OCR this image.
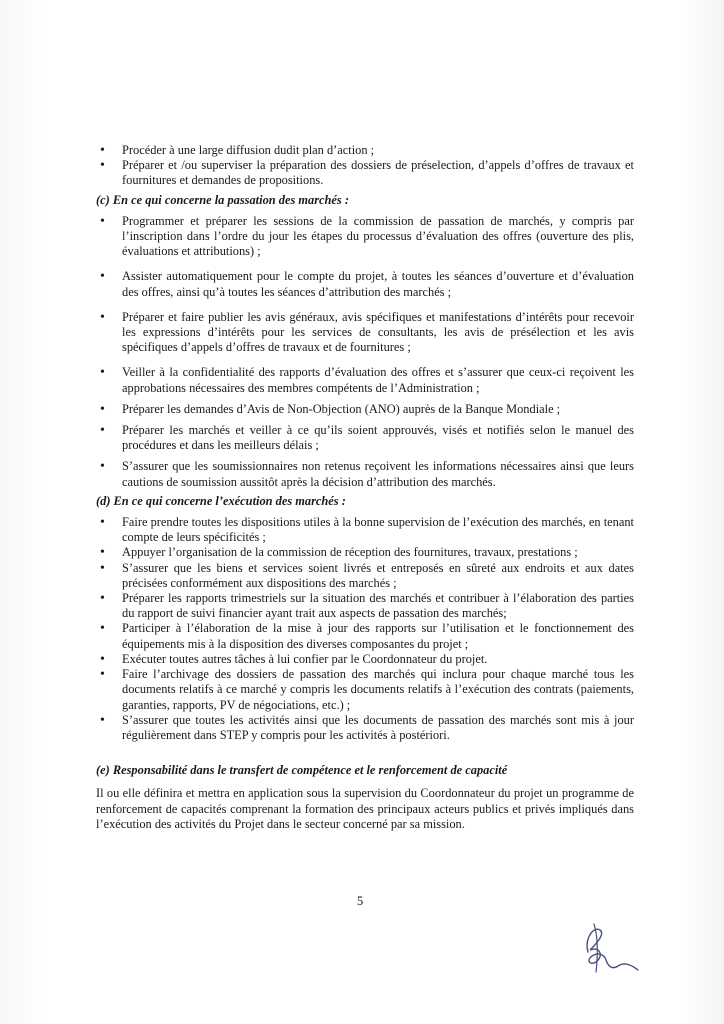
• Procéder à une large diffusion dudit plan d’action ;
• Préparer et /ou superviser la préparation des dossiers de préselection, d’appels d’offres de travaux et fournitures et demandes de propositions.
(c) En ce qui concerne la passation des marchés :
• Programmer et préparer les sessions de la commission de passation de marchés, y compris par l’inscription dans l’ordre du jour les étapes du processus d’évaluation des offres (ouverture des plis, évaluations et attributions) ;
• Assister automatiquement pour le compte du projet, à toutes les séances d’ouverture et d’évaluation des offres, ainsi qu’à toutes les séances d’attribution des marchés ;
• Préparer et faire publier les avis généraux, avis spécifiques et manifestations d’intérêts pour recevoir les expressions d’intérêts pour les services de consultants, les avis de présélection et les avis spécifiques d’appels d’offres de travaux et de fournitures ;
• Veiller à la confidentialité des rapports d’évaluation des offres et s’assurer que ceux-ci reçoivent les approbations nécessaires des membres compétents de l’Administration ;
• Préparer les demandes d’Avis de Non-Objection (ANO) auprès de la Banque Mondiale ;
• Préparer les marchés et veiller à ce qu’ils soient approuvés, visés et notifiés selon le manuel des procédures et dans les meilleurs délais ;
• S’assurer que les soumissionnaires non retenus reçoivent les informations nécessaires ainsi que leurs cautions de soumission aussitôt après la décision d’attribution des marchés.
(d) En ce qui concerne l’exécution des marchés :
• Faire prendre toutes les dispositions utiles à la bonne supervision de l’exécution des marchés, en tenant compte de leurs spécificités ;
• Appuyer l’organisation de la commission de réception des fournitures, travaux, prestations ;
• S’assurer que les biens et services soient livrés et entreposés en sûreté aux endroits et aux dates précisées conformément aux dispositions des marchés ;
• Préparer les rapports trimestriels sur la situation des marchés et contribuer à l’élaboration des parties du rapport de suivi financier ayant trait aux aspects de passation des marchés;
• Participer à l’élaboration de la mise à jour des rapports sur l’utilisation et le fonctionnement des équipements mis à la disposition des diverses composantes du projet ;
• Exécuter toutes autres tâches à lui confier par le Coordonnateur du projet.
• Faire l’archivage des dossiers de passation des marchés qui inclura pour chaque marché tous les documents relatifs à ce marché y compris les documents relatifs à l’exécution des contrats (paiements, garanties, rapports, PV de négociations, etc.) ;
• S’assurer que toutes les activités ainsi que les documents de passation des marchés sont mis à jour régulièrement dans STEP y compris pour les activités à postériori.
(e) Responsabilité dans le transfert de compétence et le renforcement de capacité

Il ou elle définira et mettra en application sous la supervision du Coordonnateur du projet un programme de renforcement de capacités comprenant la formation des principaux acteurs publics et privés impliqués dans l’exécution des activités du Projet dans le secteur concerné par sa mission.

5
